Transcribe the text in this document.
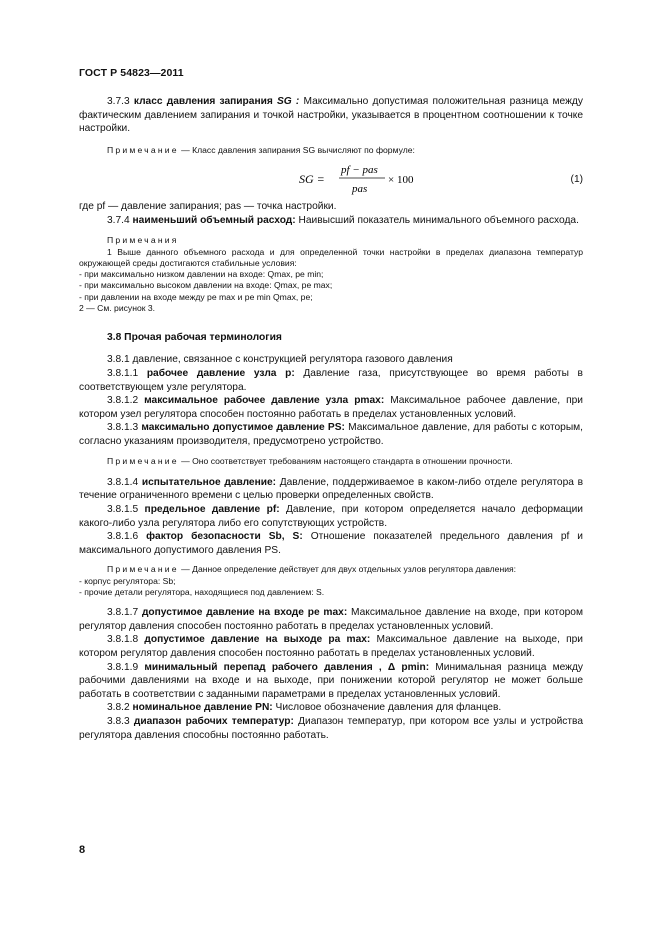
ГОСТ Р 54823—2011

3.7.3 класс давления запирания SG : Максимально допустимая положительная разница между фактическим давлением запирания и точкой настройки, указывается в процентном соотношении к точке настройки.

Примечание — Класс давления запирания SG вычисляют по формуле:

SG =
pf − pas
pas
× 100	(1)

где pf — давление запирания; pas — точка настройки.

3.7.4 наименьший объемный расход: Наивысший показатель минимального объемного расхода.

Примечания

1 Выше данного объемного расхода и для определенной точки настройки в пределах диапазона температур окружающей среды достигаются стабильные условия:

- при максимально низком давлении на входе: Qmax, pe min;

- при максимально высоком давлении на входе: Qmax, pe max;

- при давлении на входе между pe max и pe min Qmax, pe;

2 — См. рисунок 3.

3.8 Прочая рабочая терминология

3.8.1 давление, связанное с конструкцией регулятора газового давления

3.8.1.1 рабочее давление узла p: Давление газа, присутствующее во время работы в соответствующем узле регулятора.

3.8.1.2 максимальное рабочее давление узла pmax: Максимальное рабочее давление, при котором узел регулятора способен постоянно работать в пределах установленных условий.

3.8.1.3 максимально допустимое давление PS: Максимальное давление, для работы с которым, согласно указаниям производителя, предусмотрено устройство.

Примечание — Оно соответствует требованиям настоящего стандарта в отношении прочности.

3.8.1.4 испытательное давление: Давление, поддерживаемое в каком-либо отделе регулятора в течение ограниченного времени с целью проверки определенных свойств.

3.8.1.5 предельное давление pf: Давление, при котором определяется начало деформации какого-либо узла регулятора либо его сопутствующих устройств.

3.8.1.6 фактор безопасности Sb, S: Отношение показателей предельного давления pf и максимального допустимого давления PS.

Примечание — Данное определение действует для двух отдельных узлов регулятора давления:

- корпус регулятора: Sb;

- прочие детали регулятора, находящиеся под давлением: S.

3.8.1.7 допустимое давление на входе pe max: Максимальное давление на входе, при котором регулятор давления способен постоянно работать в пределах установленных условий.

3.8.1.8 допустимое давление на выходе pa max: Максимальное давление на выходе, при котором регулятор давления способен постоянно работать в пределах установленных условий.

3.8.1.9 минимальный перепад рабочего давления , Δ pmin: Минимальная разница между рабочими давлениями на входе и на выходе, при понижении которой регулятор не может больше работать в соответствии с заданными параметрами в пределах установленных условий.

3.8.2 номинальное давление PN: Числовое обозначение давления для фланцев.

3.8.3 диапазон рабочих температур: Диапазон температур, при котором все узлы и устройства регулятора давления способны постоянно работать.

8
